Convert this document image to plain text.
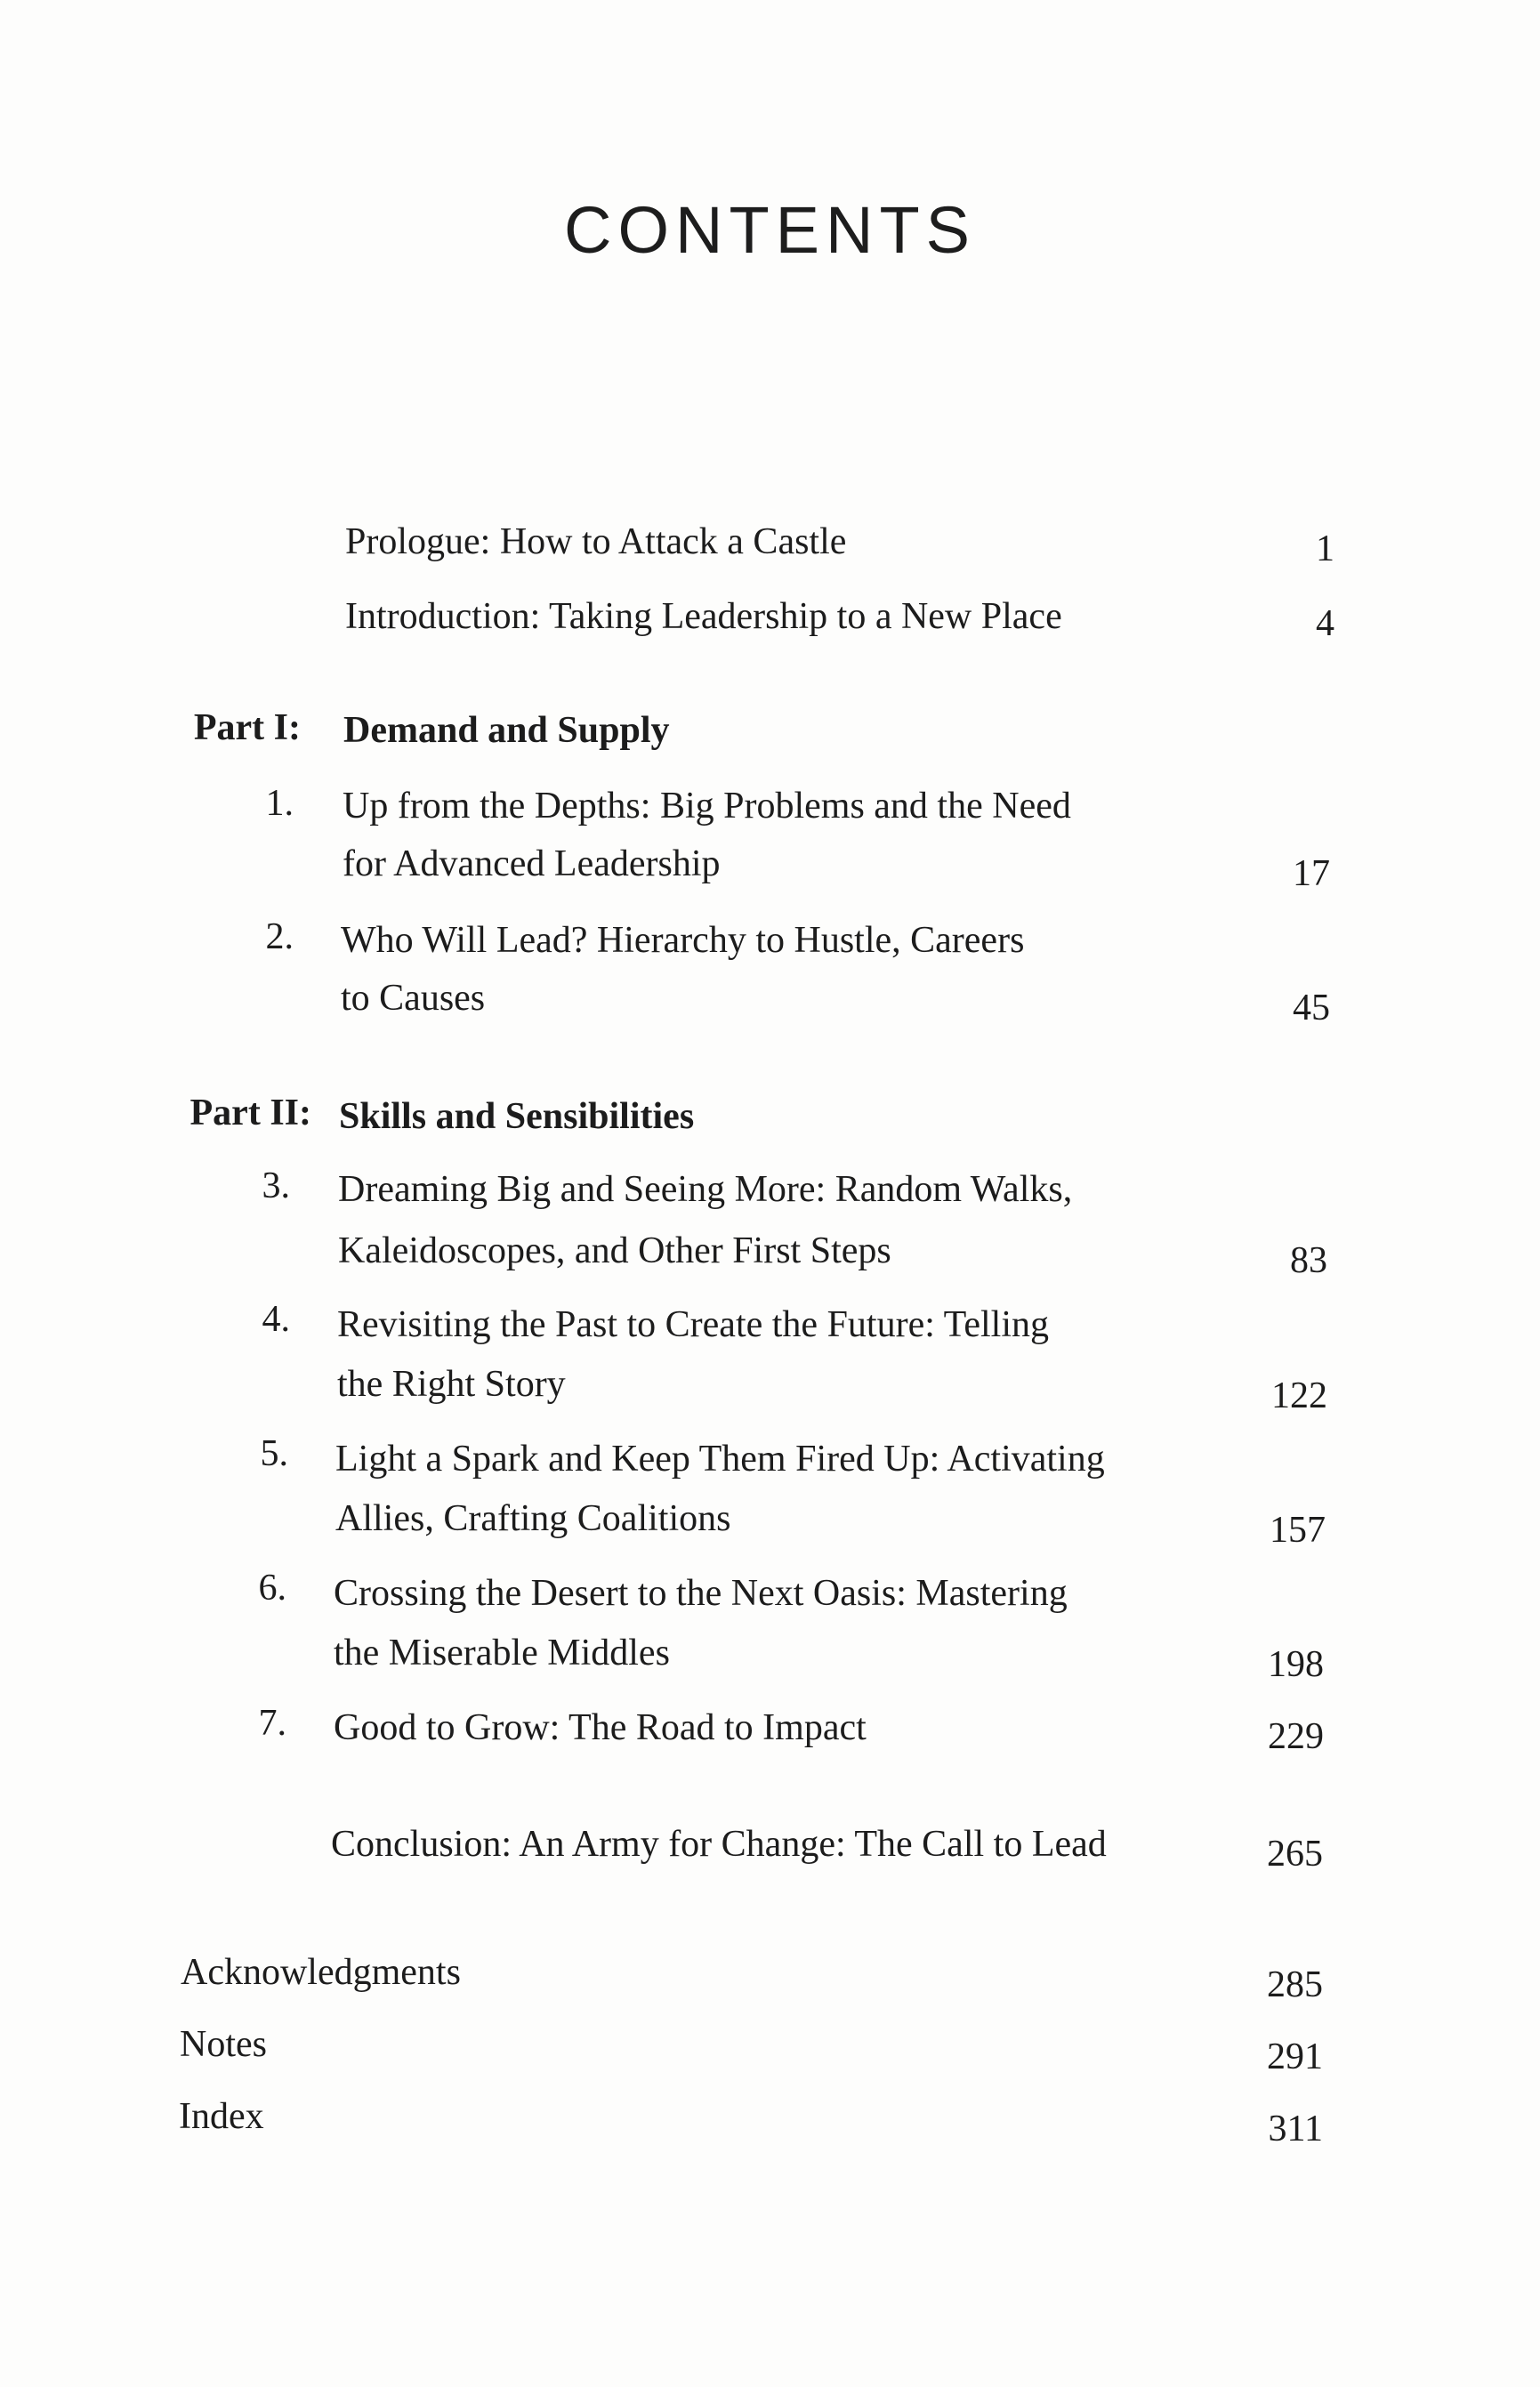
CONTENTS
Prologue: How to Attack a Castle	1
Introduction: Taking Leadership to a New Place	4
Part I: Demand and Supply
1. Up from the Depths: Big Problems and the Need
for Advanced Leadership	17
2. Who Will Lead? Hierarchy to Hustle, Careers
to Causes	45
Part II: Skills and Sensibilities
3. Dreaming Big and Seeing More: Random Walks,
Kaleidoscopes, and Other First Steps	83
4. Revisiting the Past to Create the Future: Telling
the Right Story	122
5. Light a Spark and Keep Them Fired Up: Activating
Allies, Crafting Coalitions	157
6. Crossing the Desert to the Next Oasis: Mastering
the Miserable Middles	198
7. Good to Grow: The Road to Impact	229
Conclusion: An Army for Change: The Call to Lead	265
Acknowledgments	285
Notes	291
Index	311
